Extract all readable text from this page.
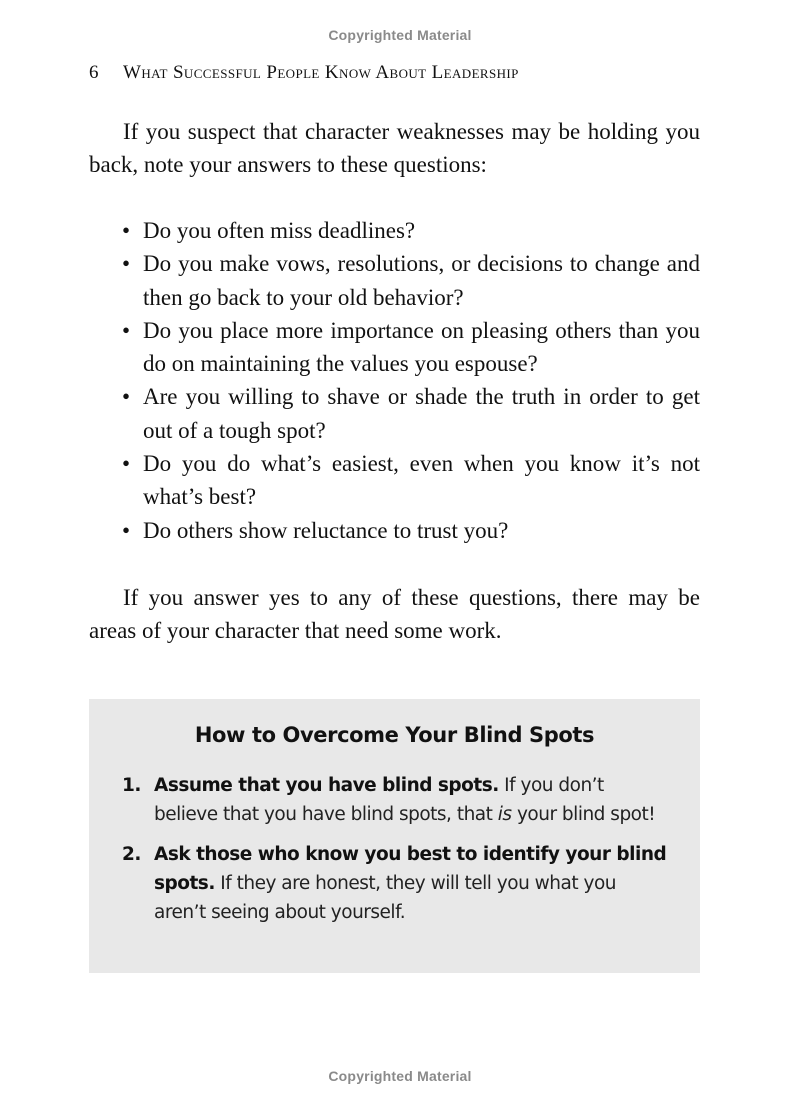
Copyrighted Material
6 What Successful People Know About Leadership

If you suspect that character weaknesses may be holding you back, note your answers to these questions:

• Do you often miss deadlines?
• Do you make vows, resolutions, or decisions to change and then go back to your old behavior?
• Do you place more importance on pleasing others than you do on maintaining the values you espouse?
• Are you willing to shave or shade the truth in order to get out of a tough spot?
• Do you do what’s easiest, even when you know it’s not what’s best?
• Do others show reluctance to trust you?

If you answer yes to any of these questions, there may be areas of your character that need some work.

How to Overcome Your Blind Spots
1. Assume that you have blind spots. If you don’t believe that you have blind spots, that is your blind spot!
2. Ask those who know you best to identify your blind spots. If they are honest, they will tell you what you aren’t seeing about yourself.
Copyrighted Material
